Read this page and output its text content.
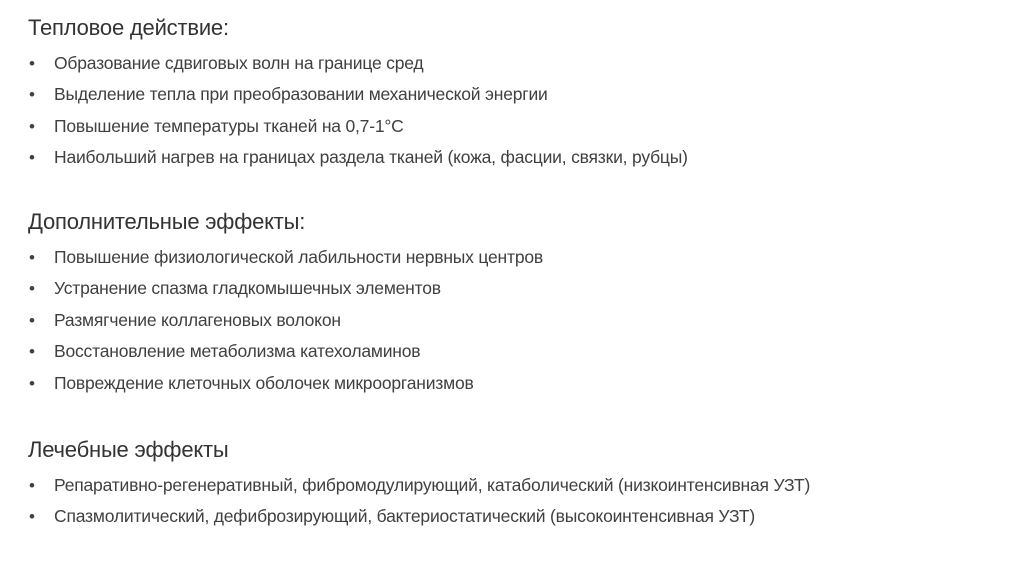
Тепловое действие:
• Образование сдвиговых волн на границе сред
• Выделение тепла при преобразовании механической энергии
• Повышение температуры тканей на 0,7-1°С
• Наибольший нагрев на границах раздела тканей (кожа, фасции, связки, рубцы)
Дополнительные эффекты:
• Повышение физиологической лабильности нервных центров
• Устранение спазма гладкомышечных элементов
• Размягчение коллагеновых волокон
• Восстановление метаболизма катехоламинов
• Повреждение клеточных оболочек микроорганизмов
Лечебные эффекты
• Репаративно-регенеративный, фибромодулирующий, катаболический (низкоинтенсивная УЗТ)
• Спазмолитический, дефиброзирующий, бактериостатический (высокоинтенсивная УЗТ)
